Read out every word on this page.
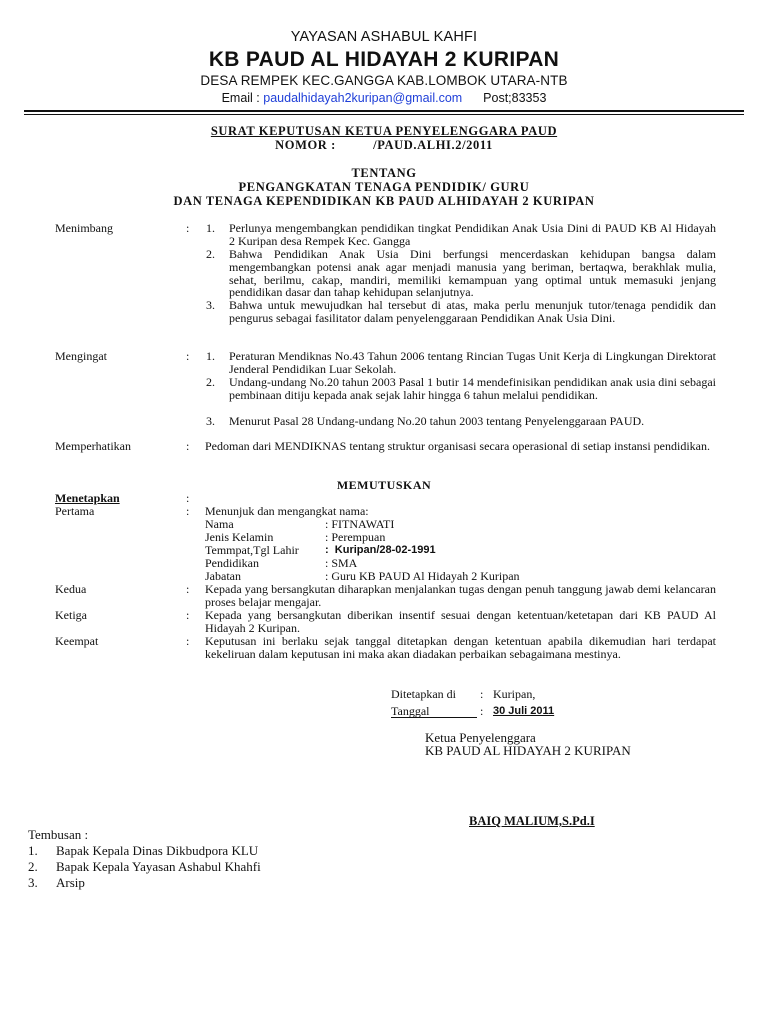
YAYASAN ASHABUL KAHFI
KB PAUD AL HIDAYAH 2 KURIPAN
DESA REMPEK KEC.GANGGA KAB.LOMBOK UTARA-NTB
Email : paudalhidayah2kuripan@gmail.com Post;83353
SURAT KEPUTUSAN KETUA PENYELENGGARA PAUD
NOMOR :          /PAUD.ALHI.2/2011
TENTANG
PENGANGKATAN TENAGA PENDIDIK/ GURU
DAN TENAGA KEPENDIDIKAN KB PAUD ALHIDAYAH 2 KURIPAN
Menimbang	: 1. Perlunya mengembangkan pendidikan tingkat Pendidikan Anak Usia Dini di PAUD KB Al Hidayah 2 Kuripan desa Rempek Kec. Gangga
2. Bahwa Pendidikan Anak Usia Dini berfungsi mencerdaskan kehidupan bangsa dalam mengembangkan potensi anak agar menjadi manusia yang beriman, bertaqwa, berakhlak mulia, sehat, berilmu, cakap, mandiri, memiliki kemampuan yang optimal untuk memasuki jenjang pendidikan dasar dan tahap kehidupan selanjutnya.
3. Bahwa untuk mewujudkan hal tersebut di atas, maka perlu menunjuk tutor/tenaga pendidik dan pengurus sebagai fasilitator dalam penyelenggaraan Pendidikan Anak Usia Dini.
Mengingat	: 1. Peraturan Mendiknas No.43 Tahun 2006 tentang Rincian Tugas Unit Kerja di Lingkungan Direktorat Jenderal Pendidikan Luar Sekolah.
2. Undang-undang No.20 tahun 2003 Pasal 1 butir 14 mendefinisikan pendidikan anak usia dini sebagai pembinaan ditiju kepada anak sejak lahir hingga 6 tahun melalui pendidikan.
3. Menurut Pasal 28 Undang-undang No.20 tahun 2003 tentang Penyelenggaraan PAUD.
Memperhatikan	: Pedoman dari MENDIKNAS tentang struktur organisasi secara operasional di setiap instansi pendidikan.
MEMUTUSKAN
Menetapkan	:
Pertama	: Menunjuk dan mengangkat nama:
Nama	: FITNAWATI
Jenis Kelamin	: Perempuan
Temmpat,Tgl Lahir :  Kuripan/28-02-1991
Pendidikan	: SMA
Jabatan	: Guru KB PAUD Al Hidayah 2 Kuripan
Kedua	: Kepada yang bersangkutan diharapkan menjalankan tugas dengan penuh tanggung jawab demi kelancaran proses belajar mengajar.
Ketiga	: Kepada yang bersangkutan diberikan insentif sesuai dengan ketentuan/ketetapan dari KB PAUD Al Hidayah 2 Kuripan.
Keempat	: Keputusan ini berlaku sejak tanggal ditetapkan dengan ketentuan apabila dikemudian hari terdapat kekeliruan dalam keputusan ini maka akan diadakan perbaikan sebagaimana mestinya.
Ditetapkan di : Kuripan,
Tanggal	: 30 Juli 2011
Ketua Penyelenggara
KB PAUD AL HIDAYAH 2 KURIPAN
BAIQ MALIUM,S.Pd.I
Tembusan :
1. Bapak Kepala Dinas Dikbudpora KLU
2. Bapak Kepala Yayasan Ashabul Khahfi
3. Arsip
